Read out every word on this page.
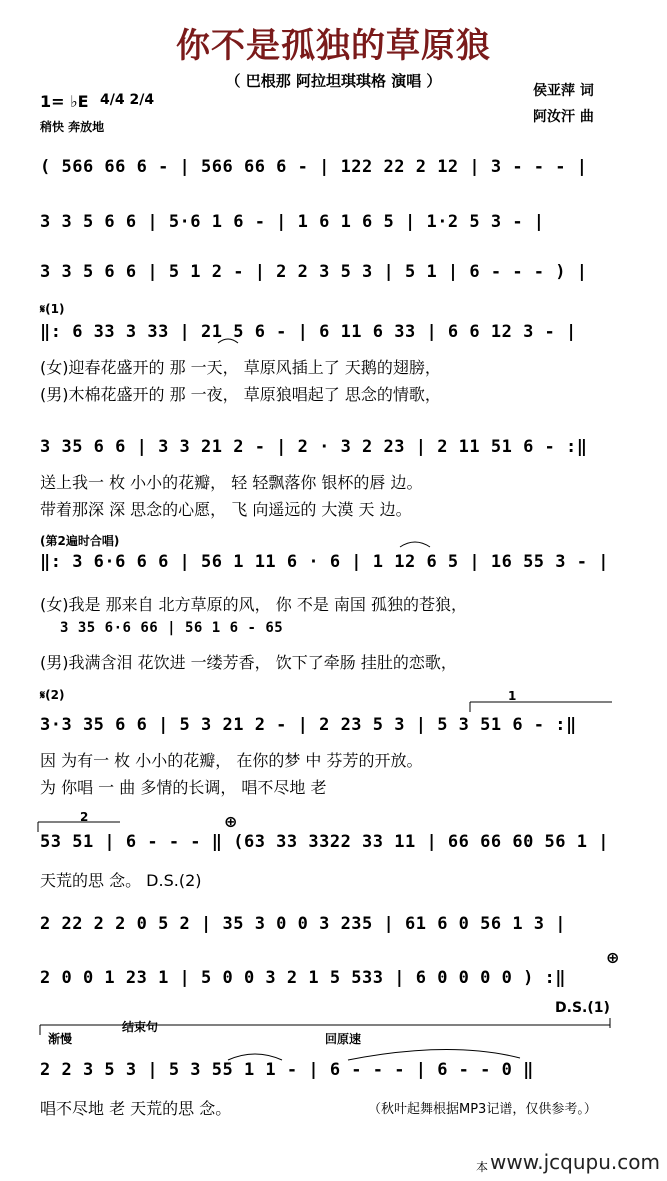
你不是孤独的草原狼
（ 巴根那 阿拉坦琪琪格 演唱 ）
1= ♭E 4/4 2/4
稍快 奔放地
侯亚萍 词
阿汝汗 曲
( 566 66 6 - | 566 66 6 - | 122 22 2 12 | 3 - - - |
3 3 5 6 6 | 5·6 1 6 - | 1 6 1 6 5 | 1·2 5 3 - |
3 3 5 6 6 | 5 1 2 - | 2 2 3 5 3 | 5 1 | 6 - - - ) |
𝄋(1)
‖: 6 33 3 33 | 21 5 6 - | 6 11 6 33 | 6 6 12 3 - |
(女)迎春花盛开的 那 一天， 草原风插上了 天鹅的翅膀，
(男)木棉花盛开的 那 一夜， 草原狼唱起了 思念的情歌，
3 35 6 6 | 3 3 21 2 - | 2 · 3 2 23 | 2 11 51 6 - :‖
送上我一 枚 小小的花瓣， 轻 轻飘落你 银杯的唇 边。
带着那深 深 思念的心愿， 飞 向遥远的 大漠 天 边。
(第2遍时合唱)
‖: 3 6·6 6 6 | 56 1 11 6 · 6 | 1 12 6 5 | 16 55 3 - |
(女)我是 那来自 北方草原的风， 你 不是 南国 孤独的苍狼，
3 35 6·6 66 | 56 1 6 - 65
(男)我满含泪 花饮进 一缕芳香， 饮下了牵肠 挂肚的恋歌，
𝄋(2)
3·3 35 6 6 | 5 3 21 2 - | 2 23 5 3 | 5 3 51 6 - :‖
因 为有一 枚 小小的花瓣， 在你的梦 中 芬芳的开放。
为 你唱 一 曲 多情的长调， 唱不尽地 老
1
2
53 51 | 6 - - - ‖ (63 33 3322 33 11 | 66 66 60 56 1 |
天荒的思 念。 D.S.(2)
⊕
2 22 2 2 0 5 2 | 35 3 0 0 3 235 | 61 6 0 56 1 3 |
2 0 0 1 23 1 | 5 0 0 3 2 1 5 533 | 6 0 0 0 0 ) :‖
⊕
D.S.(1)
渐慢
结束句
回原速
2 2 3 5 3 | 5 3 55 1 1 - | 6 - - - | 6 - - 0 ‖
唱不尽地 老 天荒的思 念。	（秋叶起舞根据MP3记谱，仅供参考。）
本 www.jcqupu.com
